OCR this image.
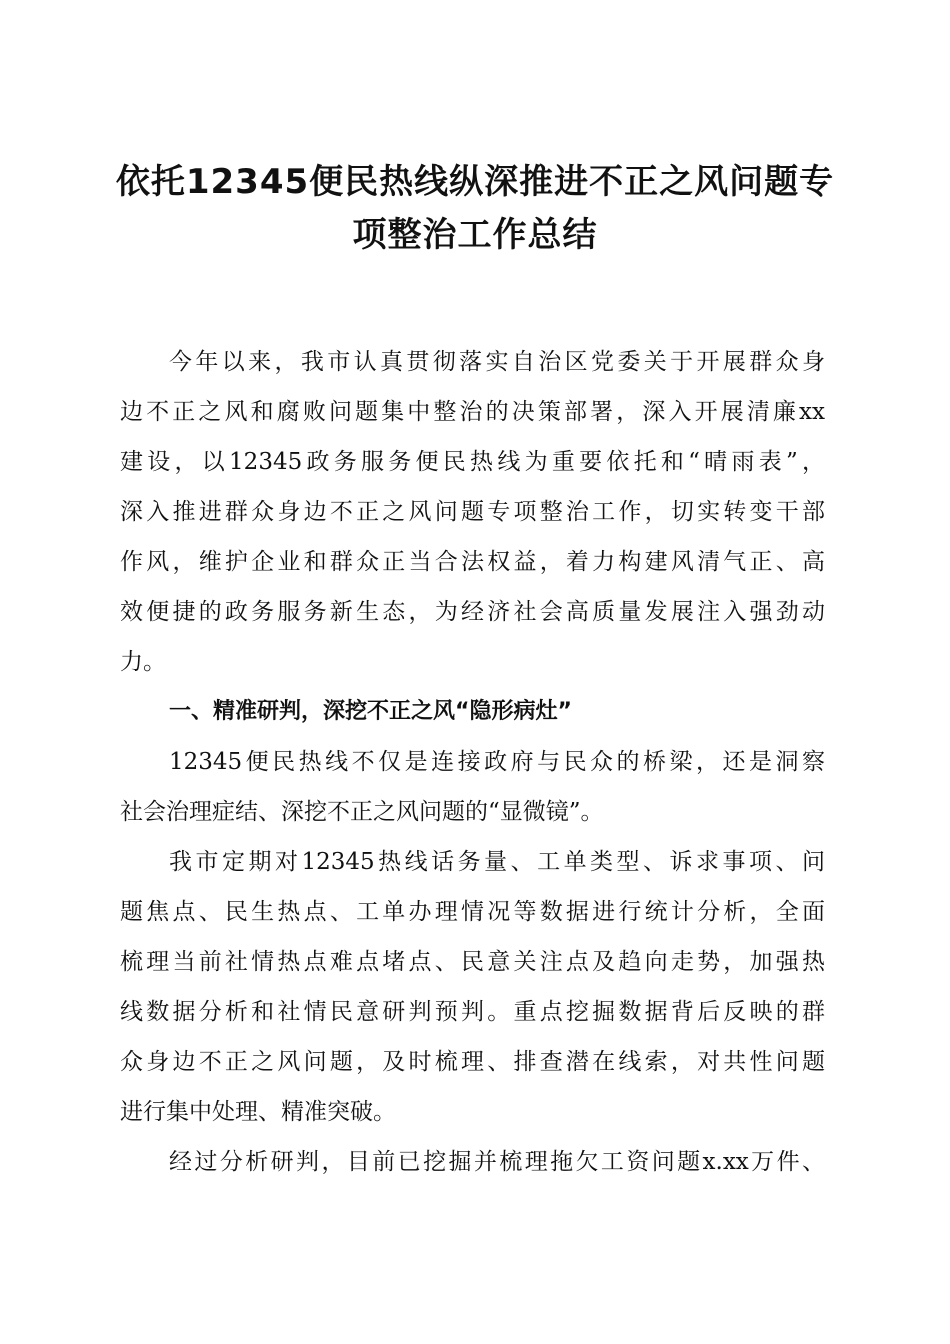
依托12345便民热线纵深推进不正之风问题专
项整治工作总结
今年以来，我市认真贯彻落实自治区党委关于开展群众身
边不正之风和腐败问题集中整治的决策部署，深入开展清廉xx
建设，以12345政务服务便民热线为重要依托和“晴雨表”，
深入推进群众身边不正之风问题专项整治工作，切实转变干部
作风，维护企业和群众正当合法权益，着力构建风清气正、高
效便捷的政务服务新生态，为经济社会高质量发展注入强劲动
力。
一、精准研判，深挖不正之风“隐形病灶”
12345便民热线不仅是连接政府与民众的桥梁，还是洞察
社会治理症结、深挖不正之风问题的“显微镜”。
我市定期对12345热线话务量、工单类型、诉求事项、问
题焦点、民生热点、工单办理情况等数据进行统计分析，全面
梳理当前社情热点难点堵点、民意关注点及趋向走势，加强热
线数据分析和社情民意研判预判。重点挖掘数据背后反映的群
众身边不正之风问题，及时梳理、排查潜在线索，对共性问题
进行集中处理、精准突破。
经过分析研判，目前已挖掘并梳理拖欠工资问题x.xx万件、
